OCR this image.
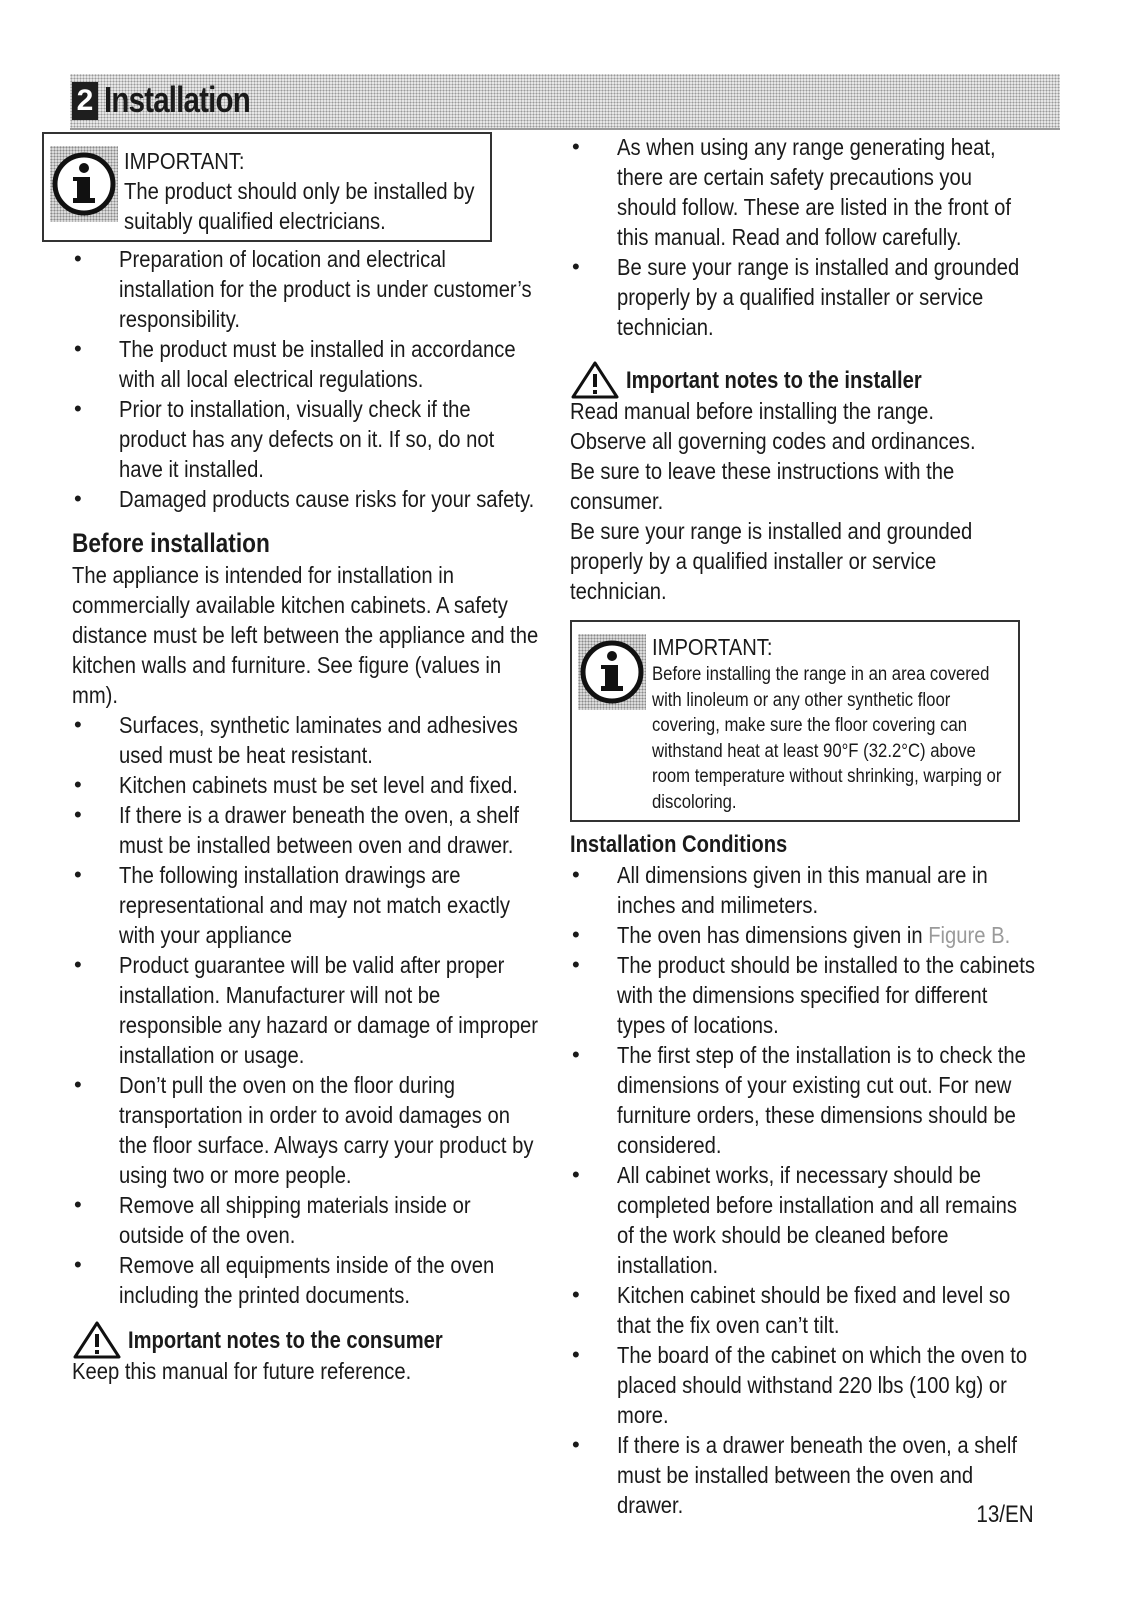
2 Installation

IMPORTANT:

The product should only be installed by suitably qualified electricians.

• Preparation of location and electrical installation for the product is under customer’s responsibility.

• The product must be installed in accordance with all local electrical regulations.

• Prior to installation, visually check if the product has any defects on it. If so, do not have it installed.

• Damaged products cause risks for your safety.

Before installation

The appliance is intended for installation in commercially available kitchen cabinets. A safety distance must be left between the appliance and the kitchen walls and furniture. See figure (values in mm).

• Surfaces, synthetic laminates and adhesives used must be heat resistant.

• Kitchen cabinets must be set level and fixed.

• If there is a drawer beneath the oven, a shelf must be installed between oven and drawer.

• The following installation drawings are representational and may not match exactly with your appliance

• Product guarantee will be valid after proper installation. Manufacturer will not be responsible any hazard or damage of improper installation or usage.

• Don’t pull the oven on the floor during transportation in order to avoid damages on the floor surface. Always carry your product by using two or more people.

• Remove all shipping materials inside or outside of the oven.

• Remove all equipments inside of the oven including the printed documents.

Important notes to the consumer

Keep this manual for future reference.

• As when using any range generating heat, there are certain safety precautions you should follow. These are listed in the front of this manual. Read and follow carefully.

• Be sure your range is installed and grounded properly by a qualified installer or service technician.

Important notes to the installer

Read manual before installing the range.

Observe all governing codes and ordinances.

Be sure to leave these instructions with the consumer.

Be sure your range is installed and grounded properly by a qualified installer or service technician.

IMPORTANT:

Before installing the range in an area covered with linoleum or any other synthetic floor covering, make sure the floor covering can withstand heat at least 90°F (32.2°C) above room temperature without shrinking, warping or discoloring.

Installation Conditions

• All dimensions given in this manual are in inches and milimeters.

• The oven has dimensions given in Figure B.

• The product should be installed to the cabinets with the dimensions specified for different types of locations.

• The first step of the installation is to check the dimensions of your existing cut out. For new furniture orders, these dimensions should be considered.

• All cabinet works, if necessary should be completed before installation and all remains of the work should be cleaned before installation.

• Kitchen cabinet should be fixed and level so that the fix oven can’t tilt.

• The board of the cabinet on which the oven to placed should withstand 220 lbs (100 kg) or more.

• If there is a drawer beneath the oven, a shelf must be installed between the oven and drawer.	13/EN
